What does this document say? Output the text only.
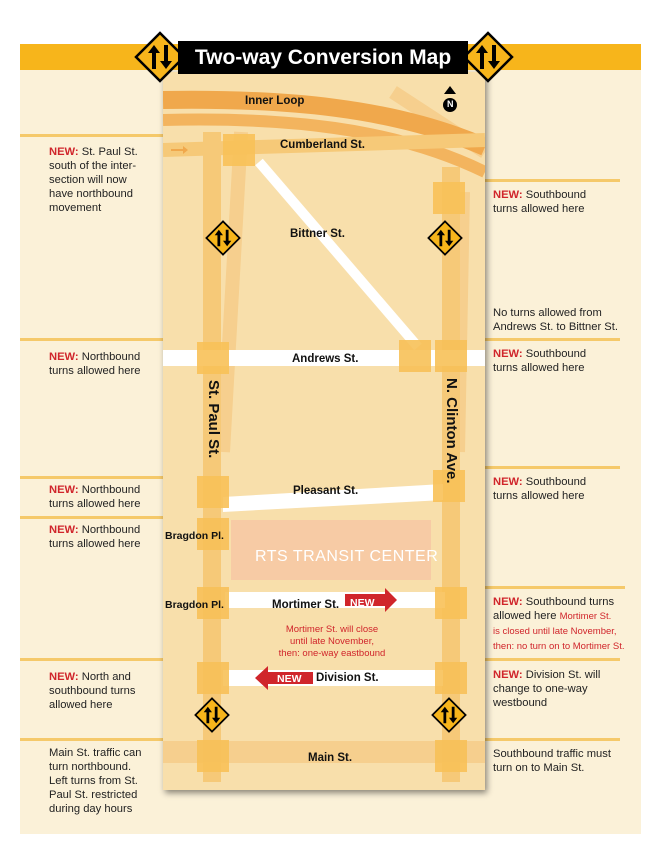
Two-way Conversion Map
N
Inner Loop
Cumberland St.
Bittner St.
Andrews St.
Pleasant St.
Bragdon Pl.
Bragdon Pl.	Mortimer St.
Division St.
Main St.
St. Paul St.	N. Clinton Ave.
RTS TRANSIT CENTER
NEW
NEW
Mortimer St. will close
until late November,
then: one-way eastbound
NEW: St. Paul St.
south of the inter-
section will now
have northbound
movement
NEW: Northbound
turns allowed here
NEW: Northbound
turns allowed here
NEW: Northbound
turns allowed here
NEW: North and
southbound turns
allowed here
Main St. traffic can
turn northbound.
Left turns from St.
Paul St. restricted
during day hours
NEW: Southbound
turns allowed here
No turns allowed from
Andrews St. to Bittner St.
NEW: Southbound
turns allowed here
NEW: Southbound
turns allowed here
NEW: Southbound turns
allowed here Mortimer St.
is closed until late November,
then: no turn on to Mortimer St.
NEW: Division St. will
change to one-way
westbound
Southbound traffic must
turn on to Main St.
